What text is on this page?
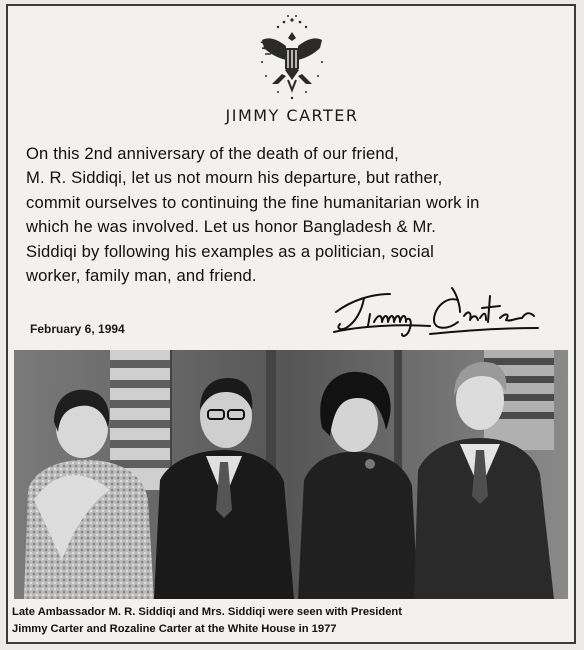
JIMMY CARTER
On this 2nd anniversary of the death of our friend,
M. R. Siddiqi, let us not mourn his departure, but rather,
commit ourselves to continuing the fine humanitarian work in
which he was involved. Let us honor Bangladesh & Mr.
Siddiqi by following his examples as a politician, social
worker, family man, and friend.
February 6, 1994
Late Ambassador M. R. Siddiqi and Mrs. Siddiqi were seen with President
Jimmy Carter and Rozaline Carter at the White House in 1977
